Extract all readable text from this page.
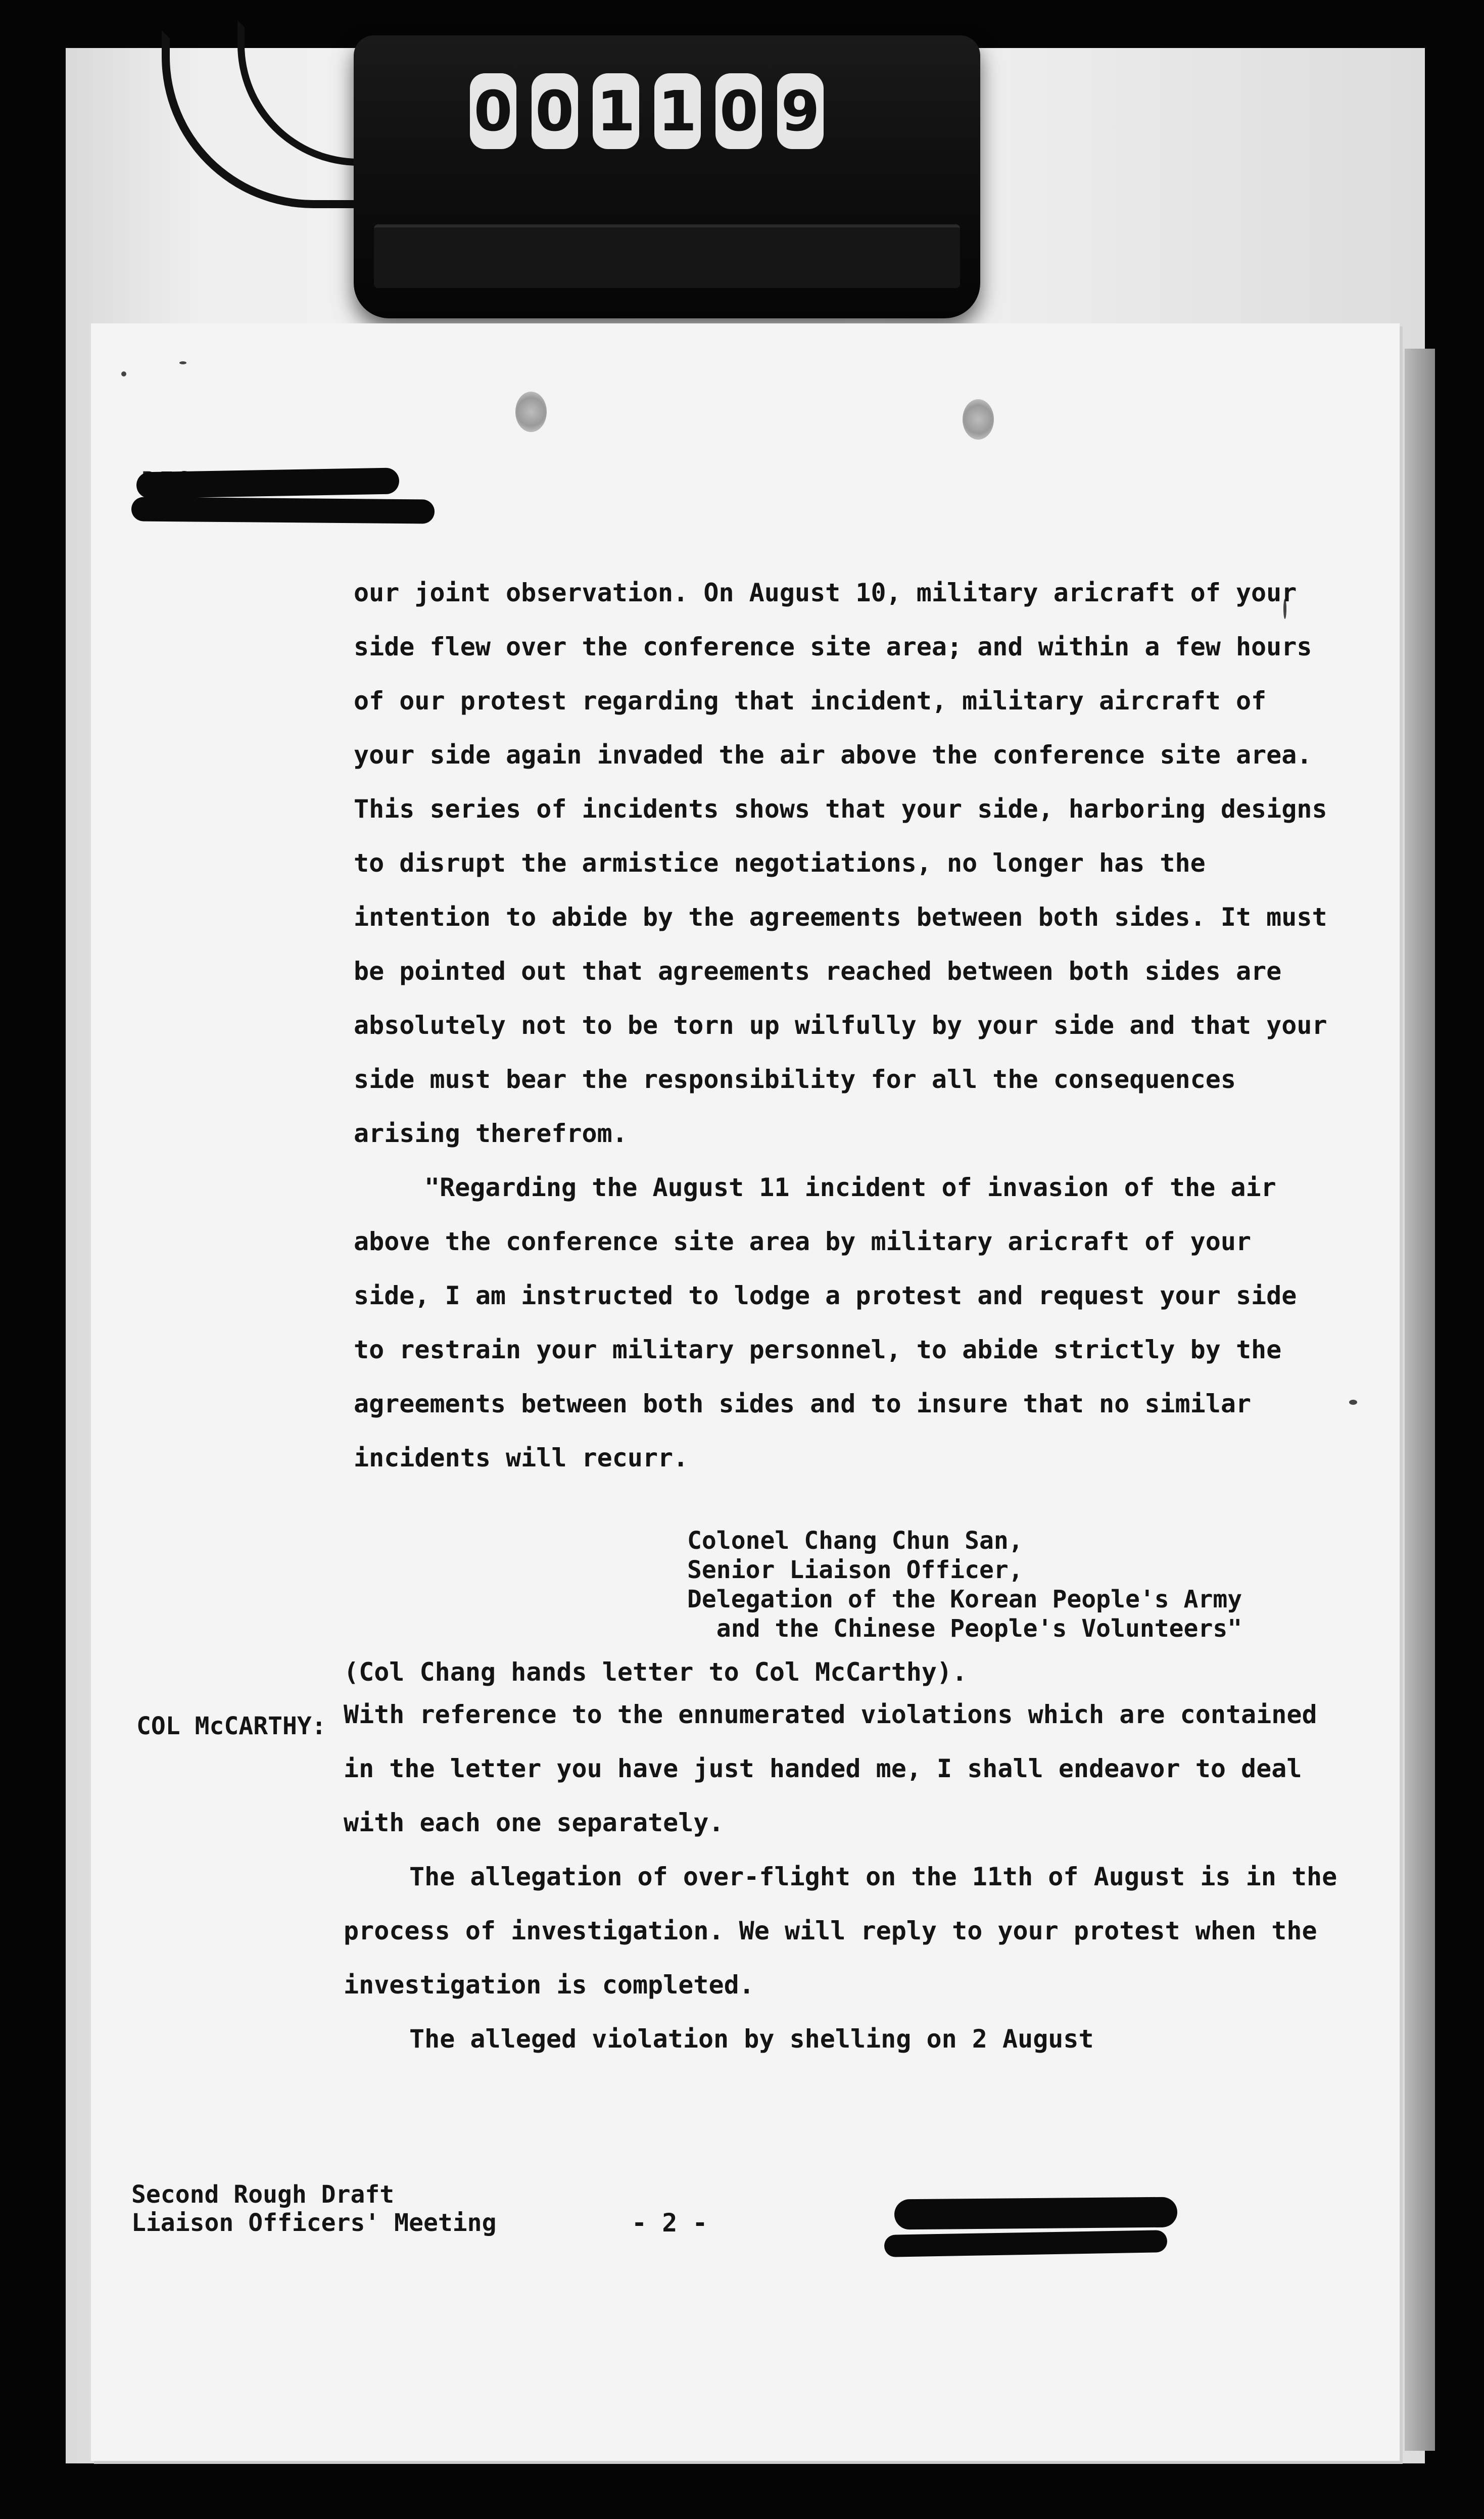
0 0 1 1 0 9

our joint observation. On August 10, military aricraft of your side flew over the conference site area; and within a few hours of our protest regarding that incident, military aircraft of your side again invaded the air above the conference site area. This series of incidents shows that your side, harboring designs to disrupt the armistice negotiations, no longer has the intention to abide by the agreements between both sides. It must be pointed out that agreements reached between both sides are absolutely not to be torn up wilfully by your side and that your side must bear the responsibility for all the consequences arising therefrom.

"Regarding the August 11 incident of invasion of the air above the conference site area by military aricraft of your side, I am instructed to lodge a protest and request your side to restrain your military personnel, to abide strictly by the agreements between both sides and to insure that no similar incidents will recurr.

Colonel Chang Chun San,
Senior Liaison Officer,
Delegation of the Korean People's Army
and the Chinese People's Volunteers"
(Col Chang hands letter to Col McCarthy).
COL McCARTHY: With reference to the ennumerated violations which are contained in the letter you have just handed me, I shall endeavor to deal with each one separately.

The allegation of over-flight on the 11th of August is in the process of investigation. We will reply to your protest when the investigation is completed.

The alleged violation by shelling on 2 August

Second Rough Draft
Liaison Officers' Meeting	- 2 -
